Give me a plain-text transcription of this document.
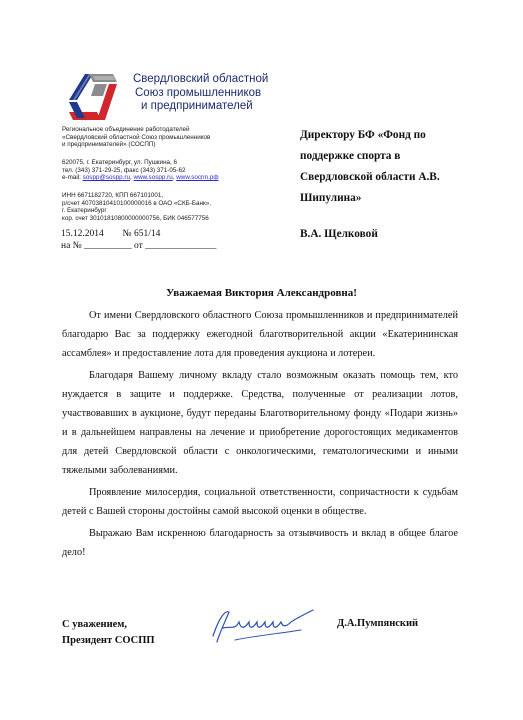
Свердловский областной
Союз промышленников
и предпринимателей
Региональное объединение работодателей
«Свердловский областной Союз промышленников
и предпринимателей» (СОСПП)
620075, г. Екатеринбург, ул. Пушкина, 6
тел. (343) 371-29-25, факс (343) 371-05-62
e-mail: sospp@sospp.ru, www.sospp.ru, www.socnn.рф
ИНН 6671182720, КПП 667101001,
р/счет 40703810410100000016 в ОАО «СКБ-Банк»,
г. Екатеринбург
кор. счет 30101810800000000756, БИК 046577756
15.12.2014 № 651/14
на № __________ от _______________
Директору БФ «Фонд по
поддержке спорта в
Свердловской области А.В.
Шипулина»
В.А. Щелковой
Уважаемая Виктория Александровна!

От имени Свердловского областного Союза промышленников и предпринимателей благодарю Вас за поддержку ежегодной благотворительной акции «Екатерининская ассамблея» и предоставление лота для проведения аукциона и лотереи.

Благодаря Вашему личному вкладу стало возможным оказать помощь тем, кто нуждается в защите и поддержке. Средства, полученные от реализации лотов, участвовавших в аукционе, будут переданы Благотворительному фонду «Подари жизнь» и в дальнейшем направлены на лечение и приобретение дорогостоящих медикаментов для детей Свердловской области с онкологическими, гематологическими и иными тяжелыми заболеваниями.

Проявление милосердия, социальной ответственности, сопричастности к судьбам детей с Вашей стороны достойны самой высокой оценки в обществе.

Выражаю Вам искренною благодарность за отзывчивость и вклад в общее благое дело!

С уважением,
Президент СОСПП
Д.А.Пумпянский
